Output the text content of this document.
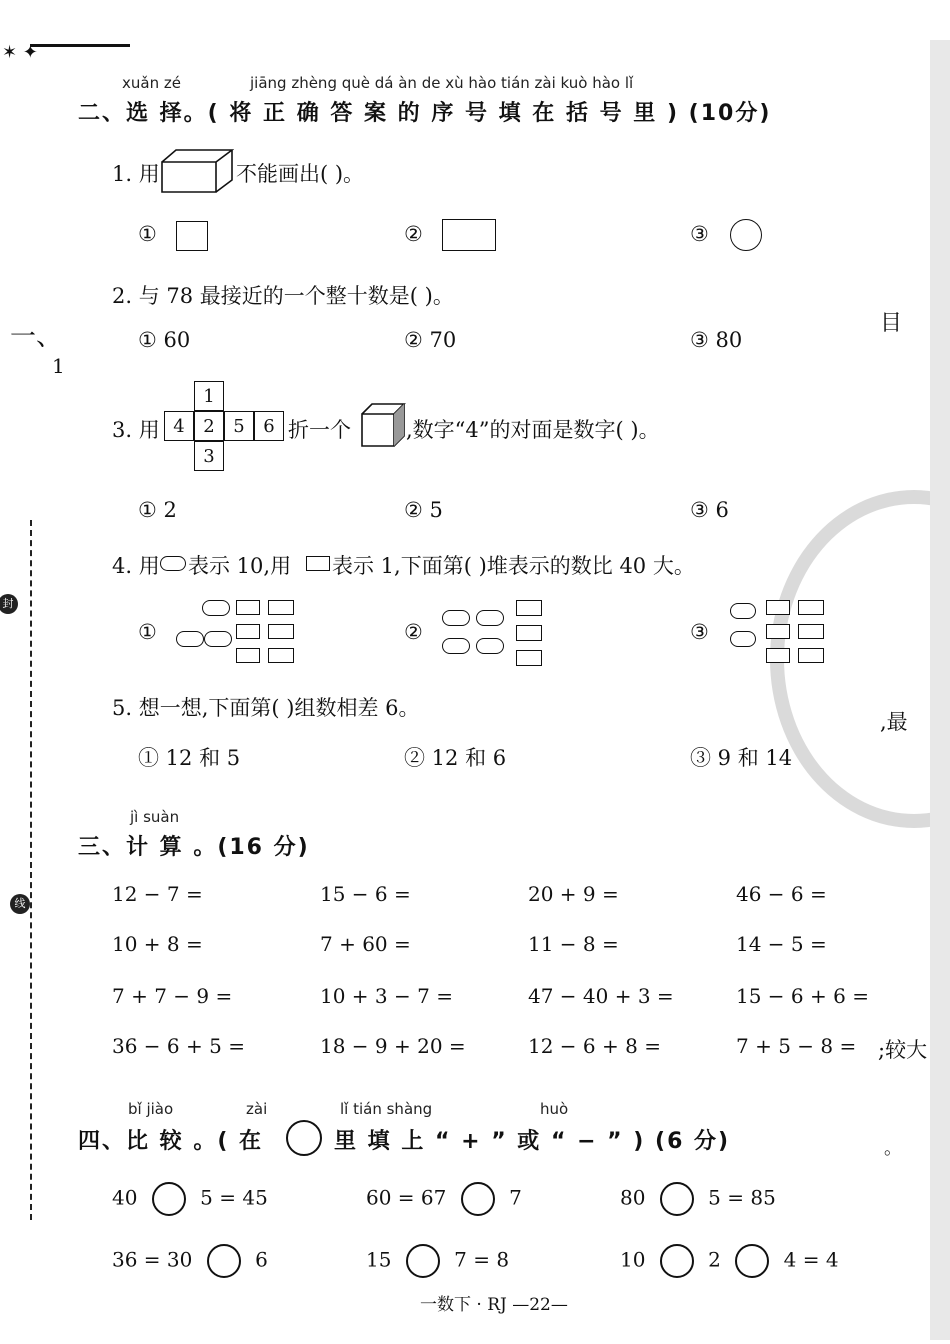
✶ ✦
一、
1
封
线
目
,最
;较大
。
xuǎn zé	jiāng zhèng què dá àn de xù hào tián zài kuò hào lǐ
二、选 择。( 将 正 确 答 案 的 序 号 填 在 括 号 里 ) (10分)
1. 用	不能画出( )。
①	②	③
2. 与 78 最接近的一个整十数是( )。
① 60	② 70	③ 80
3. 用
1
4	2	5	6
3
折一个	,数字“4”的对面是数字( )。
① 2	② 5	③ 6
4. 用 表示 10,用 表示 1,下面第( )堆表示的数比 40 大。
①	②	③
5. 想一想,下面第( )组数相差 6。
① 12 和 5	② 12 和 6	③ 9 和 14
jì suàn
三、计 算 。(16 分)
12 − 7 =	15 − 6 =	20 + 9 =	46 − 6 =
10 + 8 =	7 + 60 =	11 − 8 =	14 − 5 =
7 + 7 − 9 =	10 + 3 − 7 =	47 − 40 + 3 =	15 − 6 + 6 =
36 − 6 + 5 =	18 − 9 + 20 =	12 − 6 + 8 =	7 + 5 − 8 =
bǐ jiào	zài	lǐ tián shàng	huò
四、比 较 。( 在	里 填 上 “ + ” 或 “ − ” ) (6 分)
40	5 = 45	60 = 67	7	80	5 = 85
36 = 30	6	15	7 = 8	10	2	4 = 4
一数下 · RJ —22—
